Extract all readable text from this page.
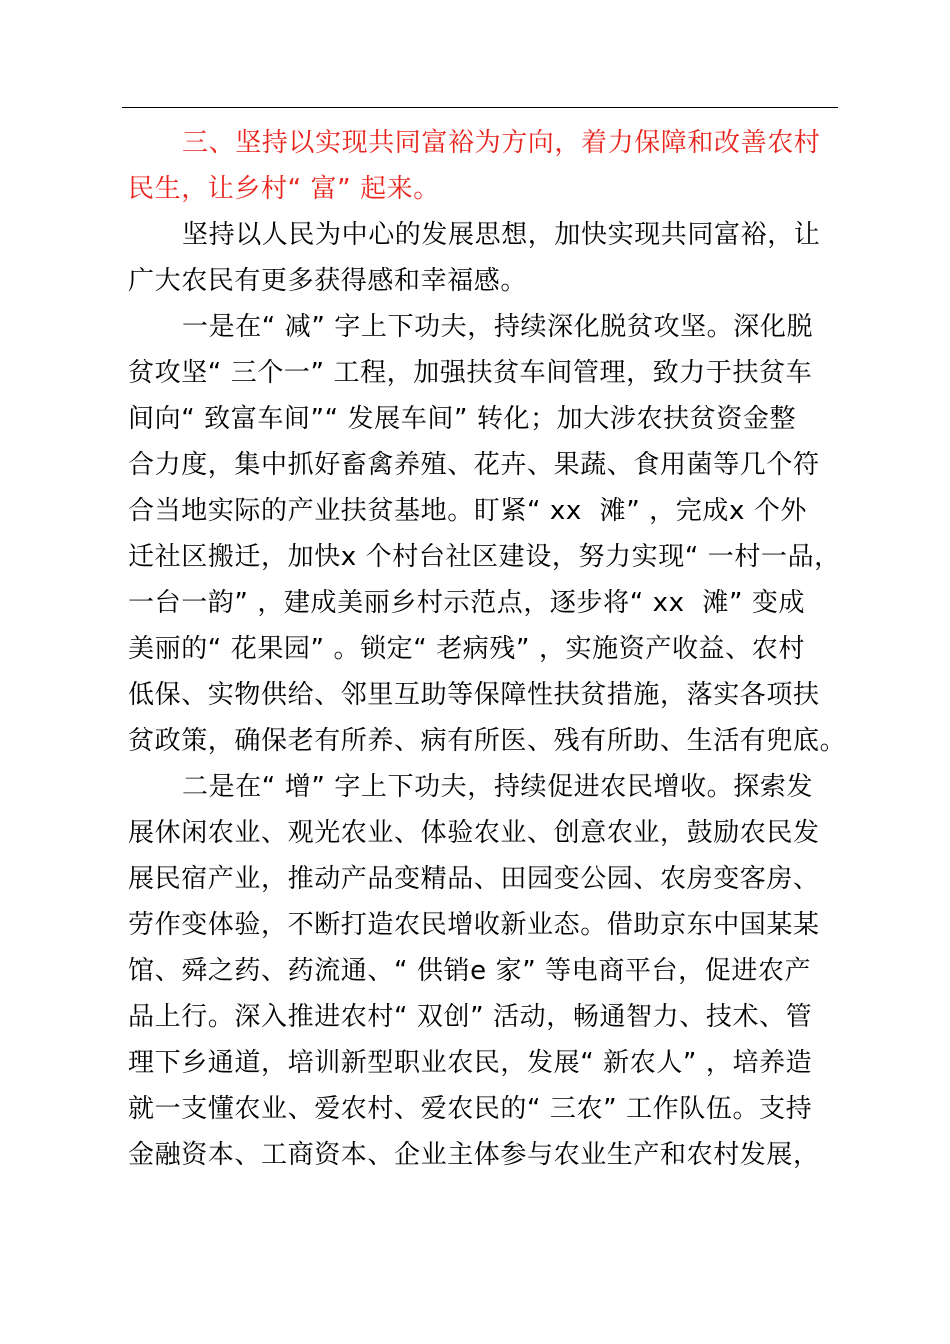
三、坚持以实现共同富裕为方向，着力保障和改善农村
民生，让乡村“ 富” 起来。
坚持以人民为中心的发展思想，加快实现共同富裕，让
广大农民有更多获得感和幸福感。
一是在“ 减” 字上下功夫，持续深化脱贫攻坚。深化脱
贫攻坚“ 三个一” 工程，加强扶贫车间管理，致力于扶贫车
间向“ 致富车间”“ 发展车间” 转化；加大涉农扶贫资金整
合力度，集中抓好畜禽养殖、花卉、果蔬、食用菌等几个符
合当地实际的产业扶贫基地。盯紧“ xx  滩” ，完成x 个外
迁社区搬迁，加快x 个村台社区建设，努力实现“ 一村一品，
一台一韵” ，建成美丽乡村示范点，逐步将“ xx  滩” 变成
美丽的“ 花果园” 。锁定“ 老病残” ，实施资产收益、农村
低保、实物供给、邻里互助等保障性扶贫措施，落实各项扶
贫政策，确保老有所养、病有所医、残有所助、生活有兜底。
二是在“ 增” 字上下功夫，持续促进农民增收。探索发
展休闲农业、观光农业、体验农业、创意农业，鼓励农民发
展民宿产业，推动产品变精品、田园变公园、农房变客房、
劳作变体验，不断打造农民增收新业态。借助京东中国某某
馆、舜之药、药流通、“ 供销e 家” 等电商平台，促进农产
品上行。深入推进农村“ 双创” 活动，畅通智力、技术、管
理下乡通道，培训新型职业农民，发展“ 新农人” ，培养造
就一支懂农业、爱农村、爱农民的“ 三农” 工作队伍。支持
金融资本、工商资本、企业主体参与农业生产和农村发展，
